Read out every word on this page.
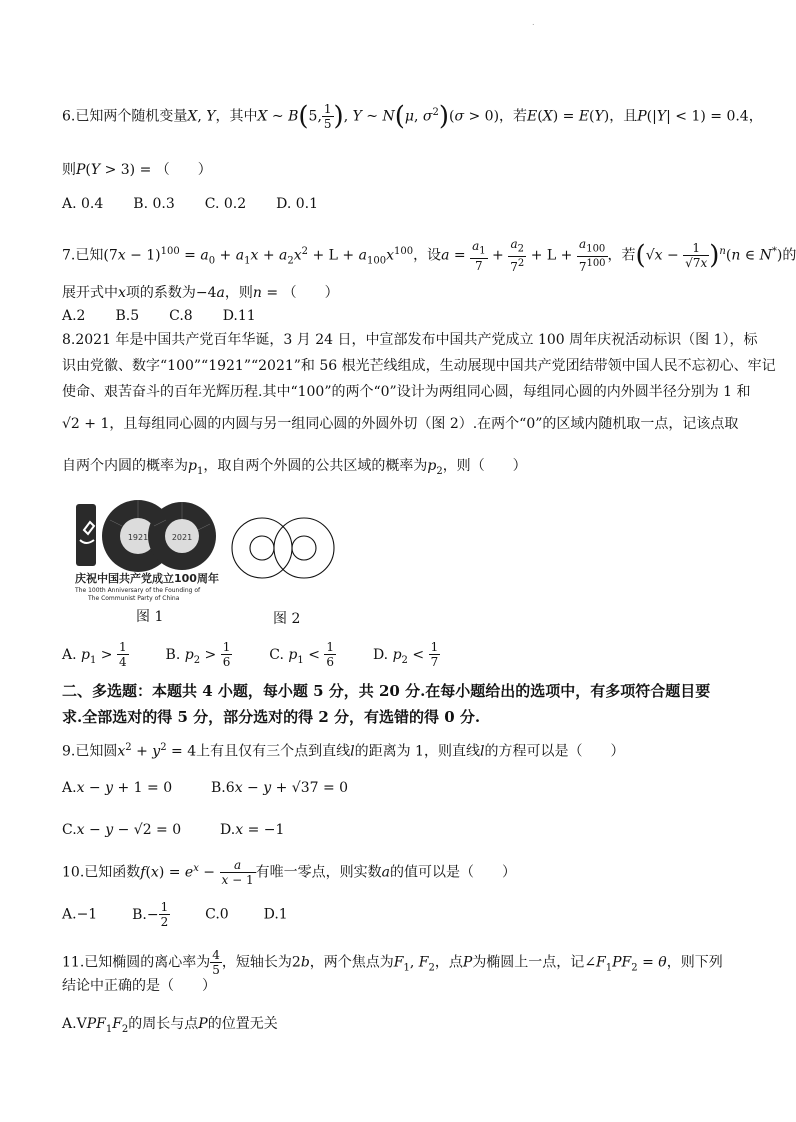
.
6.已知两个随机变量X, Y，其中X ~ B(5, $\frac{1}{5}$ ), Y ~ N(μ, $\sigma^2)(\sigma > 0)$，若E(X) = E(Y)，且P(|Y| < 1) = 0.4，
则P(Y > 3) = （　　）
A. 0.4 B. 0.3 C. 0.2 D. 0.1
7.已知$(7x - 1)^{100} = a_0 + a_1x + a_2x^2 + L + a_{100}x^{100}$，设$a = \frac{a_1}{7} + \frac{a_2}{7^2} + L + \frac{a_{100}}{7^{100}}$ ，若$(√x - \frac{1}{√7x} )^n(n$ ∈ N*)的
展开式中x项的系数为−4a，则n = （　　）
A.2 B.5 C.8 D.11
8.2021 年是中国共产党百年华诞，3 月 24 日，中宣部发布中国共产党成立 100 周年庆祝活动标识（图 1），标
识由党徽、数字“100”“1921”“2021”和 56 根光芒线组成，生动展现中国共产党团结带领中国人民不忘初心、牢记
使命、艰苦奋斗的百年光辉历程.其中“100”的两个“0”设计为两组同心圆，每组同心圆的内外圆半径分别为 1 和
√2 + 1，且每组同心圆的内圆与另一组同心圆的外圆外切（图 2）.在两个“0”的区域内随机取一点，记该点取
自两个内圆的概率为$p_1$，取自两个外圆的公共区域的概率为$p_2$，则（　　）
1921	2021
庆祝中国共产党成立100周年
The 100th Anniversary of the Founding of
The Communist Party of China
图 1	图 2
A. $p_1 > \frac{1}{4}$	B. $p_2 > \frac{1}{6}$	C. $p_1 < \frac{1}{6}$	D. $p_2 < \frac{1}{7}$
二、多选题：本题共 4 小题，每小题 5 分，共 20 分.在每小题给出的选项中，有多项符合题目要
求.全部选对的得 5 分，部分选对的得 2 分，有选错的得 0 分.
9.已知圆$x^2 + y^2 = 4$上有且仅有三个点到直线l的距离为 1，则直线l的方程可以是（　　）
A.x − y + 1 = 0	B.6x − y + √37 = 0
C.x − y − √2 = 0	D.x = −1
10.已知函数$f(x) = e^x - \frac{a}{x - 1}$ 有唯一零点，则实数a的值可以是（　　）
A.−1 $B.- \frac{1}{2} C.0$ D.1
11.已知椭圆的离心率为 $\frac{4}{5}$ ，短轴长为2b，两个焦点为$F_1$, $F_2$，点P为椭圆上一点，记$\angle F_1PF_2 = \theta$，则下列
结论中正确的是（　　）
$A.VPF_1F_2$的周长与点P的位置无关
